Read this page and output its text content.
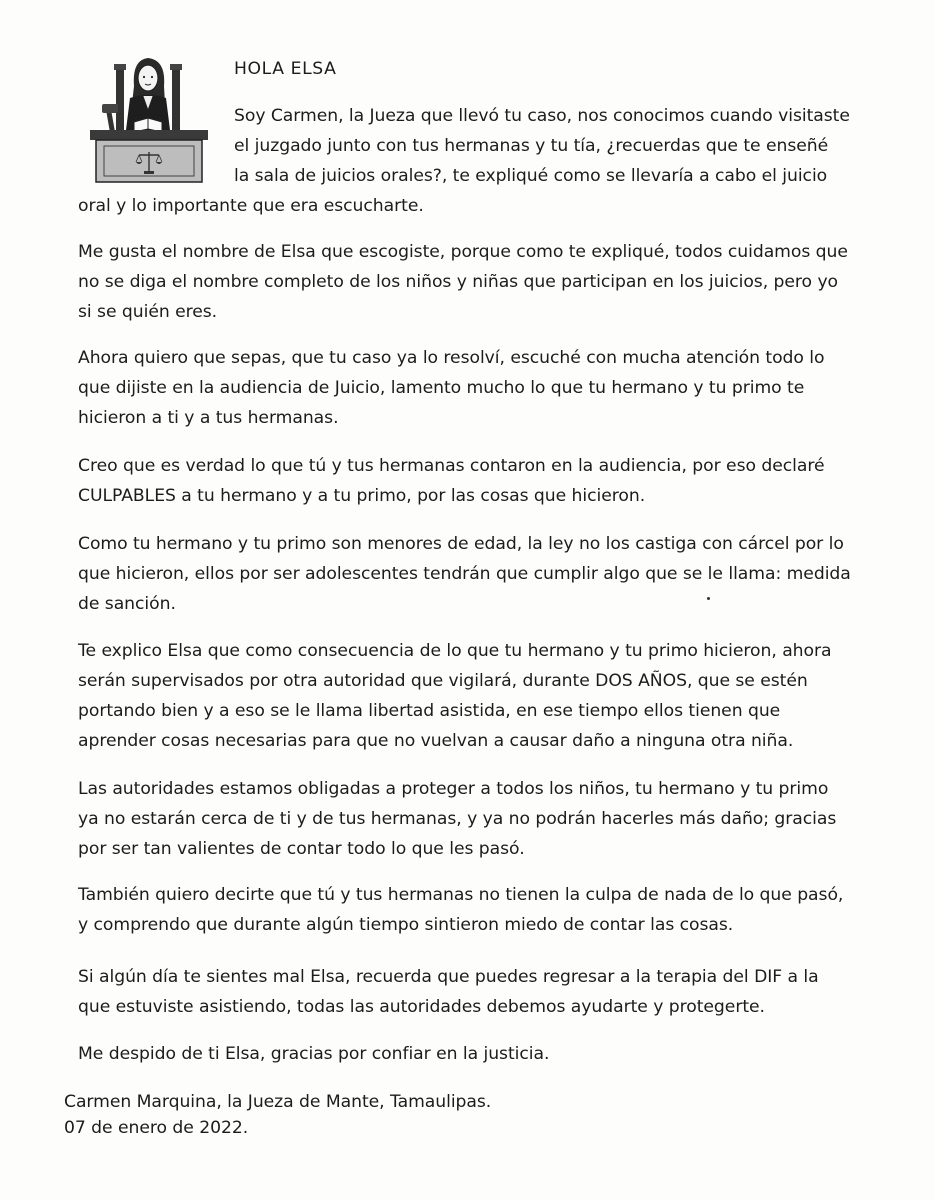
HOLA ELSA
Soy Carmen, la Jueza que llevó tu caso, nos conocimos cuando visitaste
el juzgado junto con tus hermanas y tu tía, ¿recuerdas que te enseñé
la sala de juicios orales?, te expliqué como se llevaría a cabo el juicio
oral y lo importante que era escucharte.
Me gusta el nombre de Elsa que escogiste, porque como te expliqué, todos cuidamos que
no se diga el nombre completo de los niños y niñas que participan en los juicios, pero yo
si se quién eres.
Ahora quiero que sepas, que tu caso ya lo resolví, escuché con mucha atención todo lo
que dijiste en la audiencia de Juicio, lamento mucho lo que tu hermano y tu primo te
hicieron a ti y a tus hermanas.
Creo que es verdad lo que tú y tus hermanas contaron en la audiencia, por eso declaré
CULPABLES a tu hermano y a tu primo, por las cosas que hicieron.
Como tu hermano y tu primo son menores de edad, la ley no los castiga con cárcel por lo
que hicieron, ellos por ser adolescentes tendrán que cumplir algo que se le llama: medida
de sanción.
Te explico Elsa que como consecuencia de lo que tu hermano y tu primo hicieron, ahora
serán supervisados por otra autoridad que vigilará, durante DOS AÑOS, que se estén
portando bien y a eso se le llama libertad asistida, en ese tiempo ellos tienen que
aprender cosas necesarias para que no vuelvan a causar daño a ninguna otra niña.
Las autoridades estamos obligadas a proteger a todos los niños, tu hermano y tu primo
ya no estarán cerca de ti y de tus hermanas, y ya no podrán hacerles más daño; gracias
por ser tan valientes de contar todo lo que les pasó.
También quiero decirte que tú y tus hermanas no tienen la culpa de nada de lo que pasó,
y comprendo que durante algún tiempo sintieron miedo de contar las cosas.
Si algún día te sientes mal Elsa, recuerda que puedes regresar a la terapia del DIF a la
que estuviste asistiendo, todas las autoridades debemos ayudarte y protegerte.
Me despido de ti Elsa, gracias por confiar en la justicia.
Carmen Marquina, la Jueza de Mante, Tamaulipas.
07 de enero de 2022.
